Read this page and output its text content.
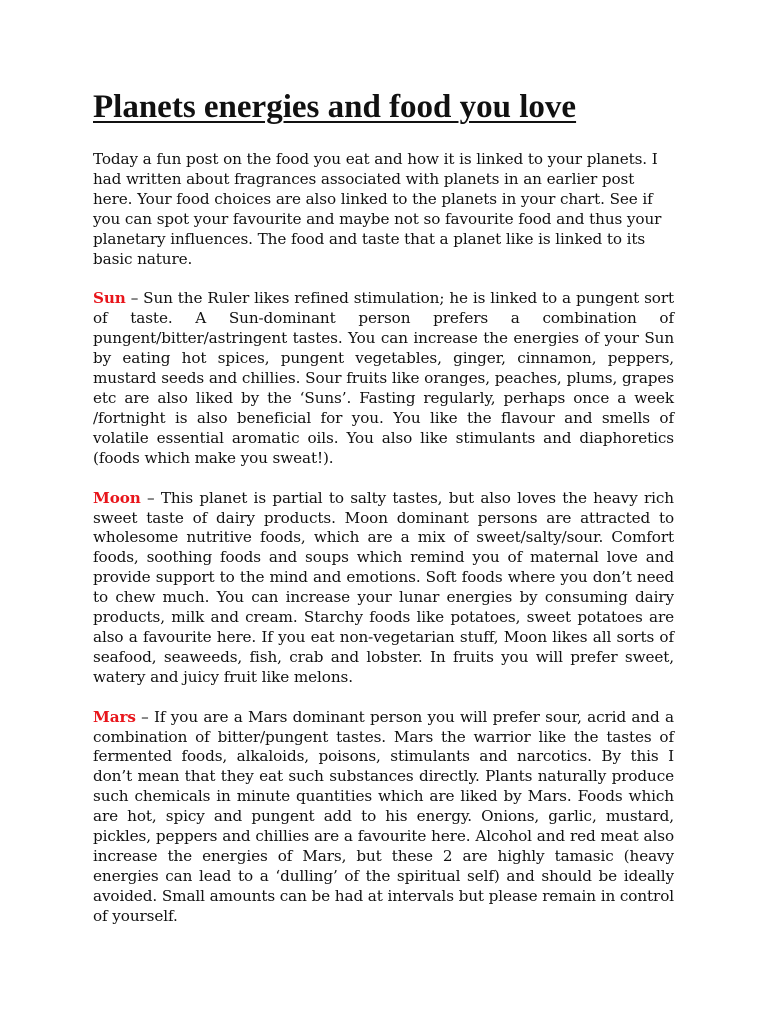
Planets energies and food you love

Today a fun post on the food you eat and how it is linked to your planets. I had written about fragrances associated with planets in an earlier post here. Your food choices are also linked to the planets in your chart. See if you can spot your favourite and maybe not so favourite food and thus your planetary influences. The food and taste that a planet like is linked to its basic nature.

Sun – Sun the Ruler likes refined stimulation; he is linked to a pungent sort of taste. A Sun-dominant person prefers a combination of pungent/bitter/astringent tastes. You can increase the energies of your Sun by eating hot spices, pungent vegetables, ginger, cinnamon, peppers, mustard seeds and chillies. Sour fruits like oranges, peaches, plums, grapes etc are also liked by the ‘Suns’. Fasting regularly, perhaps once a week /fortnight is also beneficial for you. You like the flavour and smells of volatile essential aromatic oils. You also like stimulants and diaphoretics (foods which make you sweat!).

Moon – This planet is partial to salty tastes, but also loves the heavy rich sweet taste of dairy products. Moon dominant persons are attracted to wholesome nutritive foods, which are a mix of sweet/salty/sour. Comfort foods, soothing foods and soups which remind you of maternal love and provide support to the mind and emotions. Soft foods where you don’t need to chew much. You can increase your lunar energies by consuming dairy products, milk and cream. Starchy foods like potatoes, sweet potatoes are also a favourite here. If you eat non-vegetarian stuff, Moon likes all sorts of seafood, seaweeds, fish, crab and lobster. In fruits you will prefer sweet, watery and juicy fruit like melons.

Mars – If you are a Mars dominant person you will prefer sour, acrid and a combination of bitter/pungent tastes. Mars the warrior like the tastes of fermented foods, alkaloids, poisons, stimulants and narcotics. By this I don’t mean that they eat such substances directly. Plants naturally produce such chemicals in minute quantities which are liked by Mars. Foods which are hot, spicy and pungent add to his energy. Onions, garlic, mustard, pickles, peppers and chillies are a favourite here. Alcohol and red meat also increase the energies of Mars, but these 2 are highly tamasic (heavy energies can lead to a ‘dulling’ of the spiritual self) and should be ideally avoided. Small amounts can be had at intervals but please remain in control of yourself.
